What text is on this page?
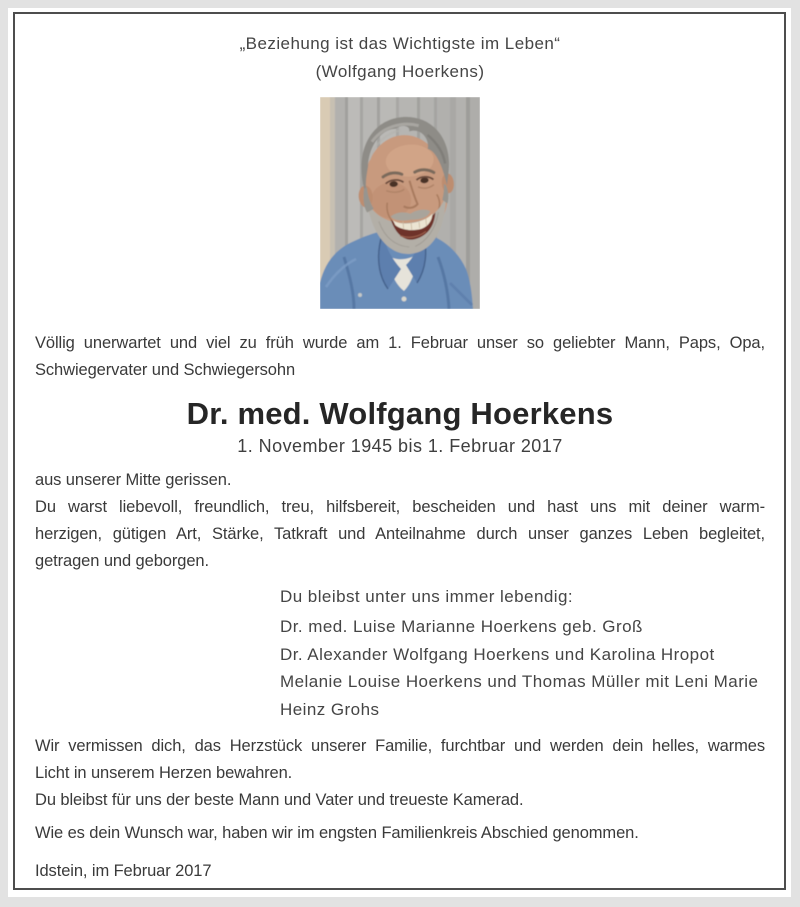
„Beziehung ist das Wichtigste im Leben“
(Wolfgang Hoerkens)
Völlig unerwartet und viel zu früh wurde am 1. Februar unser so geliebter Mann, Paps, Opa,
Schwiegervater und Schwiegersohn
Dr. med. Wolfgang Hoerkens
1. November 1945 bis 1. Februar 2017
aus unserer Mitte gerissen.
Du warst liebevoll, freundlich, treu, hilfsbereit, bescheiden und hast uns mit deiner warm-
herzigen, gütigen Art, Stärke, Tatkraft und Anteilnahme durch unser ganzes Leben begleitet,
getragen und geborgen.
Du bleibst unter uns immer lebendig:
Dr. med. Luise Marianne Hoerkens geb. Groß
Dr. Alexander Wolfgang Hoerkens und Karolina Hropot
Melanie Louise Hoerkens und Thomas Müller mit Leni Marie
Heinz Grohs
Wir vermissen dich, das Herzstück unserer Familie, furchtbar und werden dein helles, warmes
Licht in unserem Herzen bewahren.
Du bleibst für uns der beste Mann und Vater und treueste Kamerad.
Wie es dein Wunsch war, haben wir im engsten Familienkreis Abschied genommen.
Idstein, im Februar 2017
